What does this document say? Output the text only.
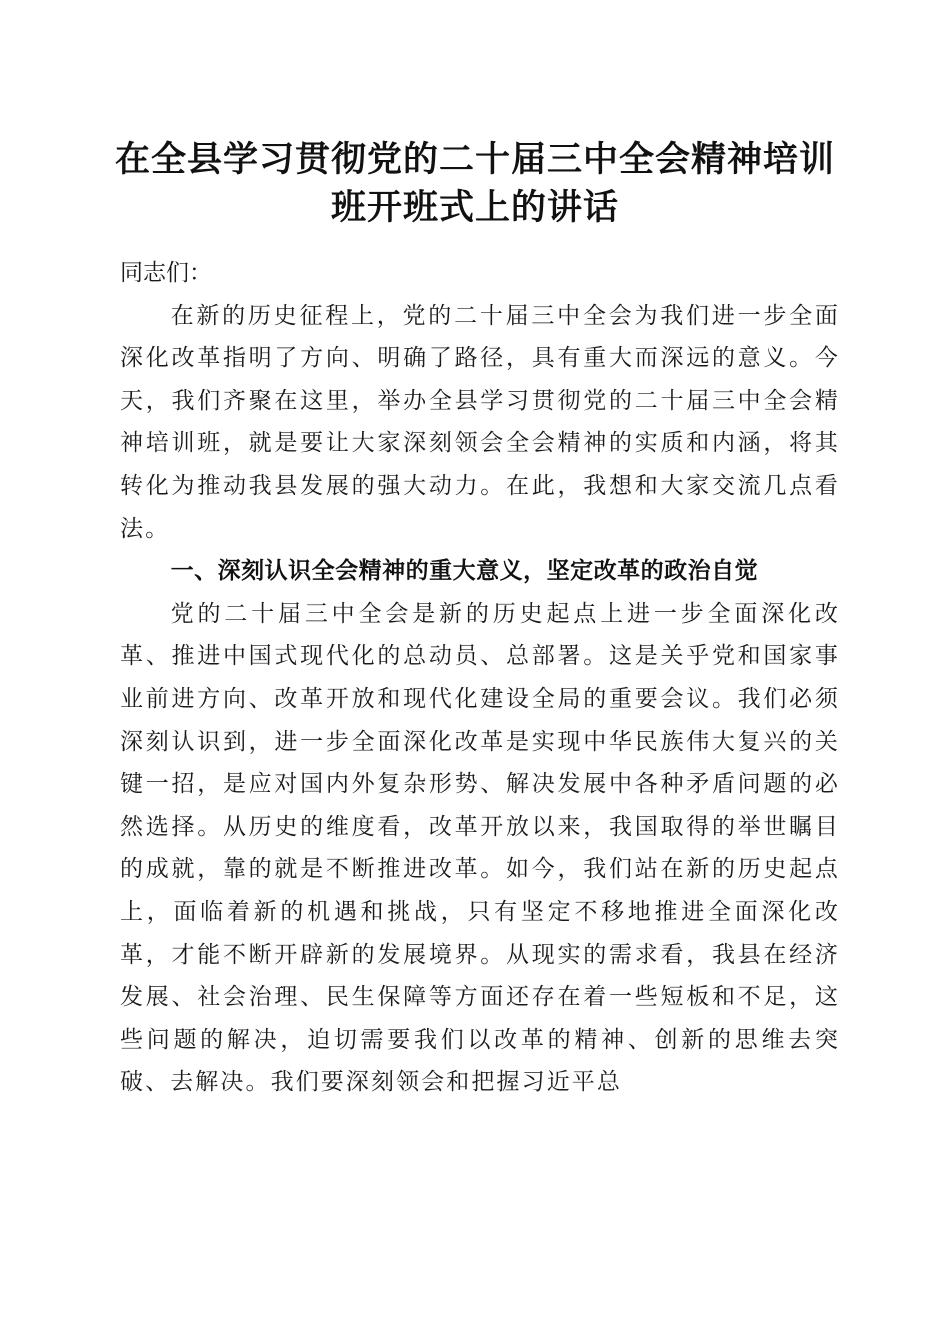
在全县学习贯彻党的二十届三中全会精神培训
班开班式上的讲话

同志们：

在新的历史征程上，党的二十届三中全会为我们进一步全面深化改革指明了方向、明确了路径，具有重大而深远的意义。今天，我们齐聚在这里，举办全县学习贯彻党的二十届三中全会精神培训班，就是要让大家深刻领会全会精神的实质和内涵，将其转化为推动我县发展的强大动力。在此，我想和大家交流几点看法。

一、深刻认识全会精神的重大意义，坚定改革的政治自觉

党的二十届三中全会是新的历史起点上进一步全面深化改革、推进中国式现代化的总动员、总部署。这是关乎党和国家事业前进方向、改革开放和现代化建设全局的重要会议。我们必须深刻认识到，进一步全面深化改革是实现中华民族伟大复兴的关键一招，是应对国内外复杂形势、解决发展中各种矛盾问题的必然选择。从历史的维度看，改革开放以来，我国取得的举世瞩目的成就，靠的就是不断推进改革。如今，我们站在新的历史起点上，面临着新的机遇和挑战，只有坚定不移地推进全面深化改革，才能不断开辟新的发展境界。从现实的需求看，我县在经济发展、社会治理、民生保障等方面还存在着一些短板和不足，这些问题的解决，迫切需要我们以改革的精神、创新的思维去突破、去解决。我们要深刻领会和把握习近平总
